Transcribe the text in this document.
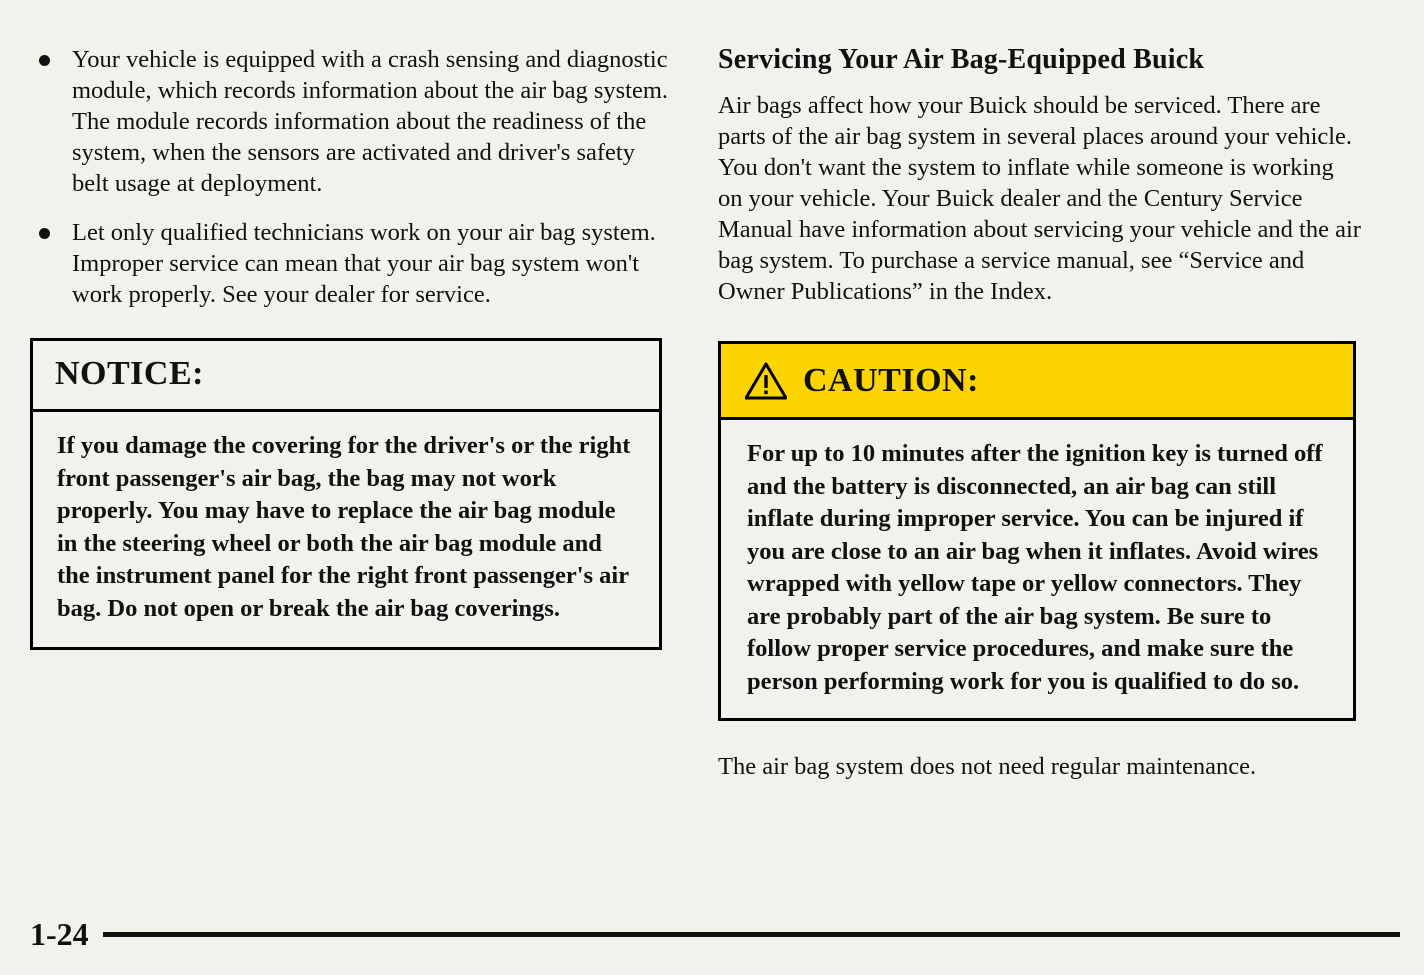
Your vehicle is equipped with a crash sensing and diagnostic module, which records information about the air bag system. The module records information about the readiness of the system, when the sensors are activated and driver's safety belt usage at deployment.
Let only qualified technicians work on your air bag system. Improper service can mean that your air bag system won't work properly. See your dealer for service.
NOTICE:
If you damage the covering for the driver's or the right front passenger's air bag, the bag may not work properly. You may have to replace the air bag module in the steering wheel or both the air bag module and the instrument panel for the right front passenger's air bag. Do not open or break the air bag coverings.
Servicing Your Air Bag-Equipped Buick

Air bags affect how your Buick should be serviced. There are parts of the air bag system in several places around your vehicle. You don't want the system to inflate while someone is working on your vehicle. Your Buick dealer and the Century Service Manual have information about servicing your vehicle and the air bag system. To purchase a service manual, see “Service and Owner Publications” in the Index.

CAUTION:
For up to 10 minutes after the ignition key is turned off and the battery is disconnected, an air bag can still inflate during improper service. You can be injured if you are close to an air bag when it inflates. Avoid wires wrapped with yellow tape or yellow connectors. They are probably part of the air bag system. Be sure to follow proper service procedures, and make sure the person performing work for you is qualified to do so.

The air bag system does not need regular maintenance.

1-24
